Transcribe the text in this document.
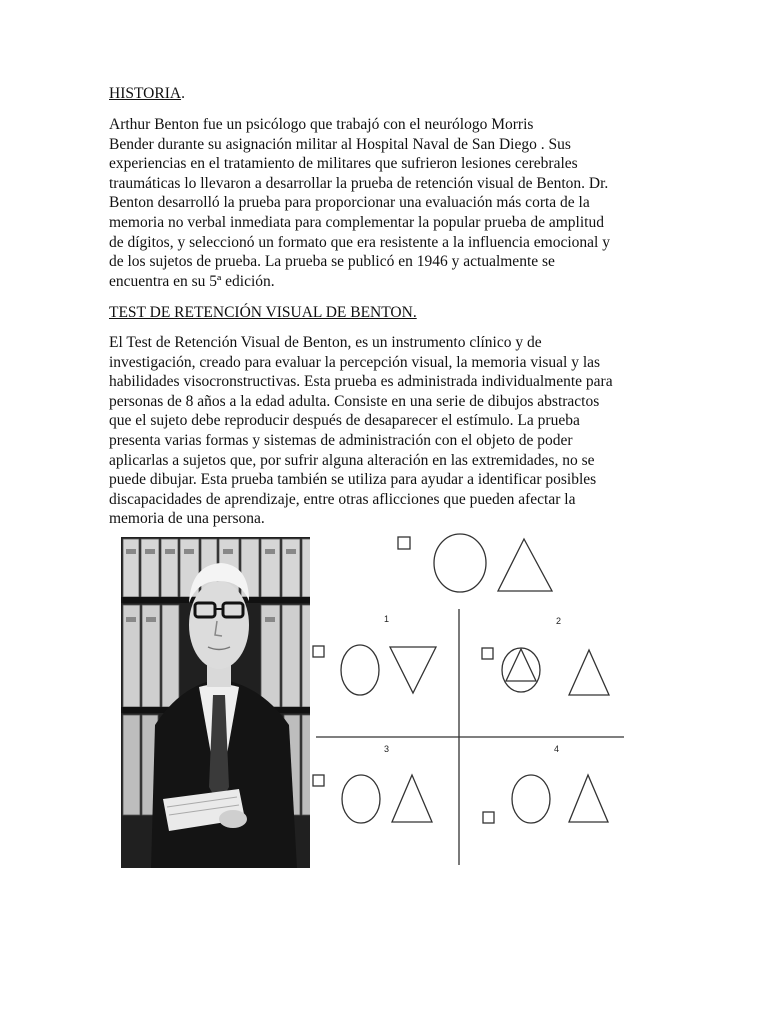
HISTORIA.
Arthur Benton fue un psicólogo que trabajó con el neurólogo Morris
Bender durante su asignación militar al Hospital Naval de San Diego . Sus
experiencias en el tratamiento de militares que sufrieron lesiones cerebrales
traumáticas lo llevaron a desarrollar la prueba de retención visual de Benton. Dr.
Benton desarrolló la prueba para proporcionar una evaluación más corta de la
memoria no verbal inmediata para complementar la popular prueba de amplitud
de dígitos, y seleccionó un formato que era resistente a la influencia emocional y
de los sujetos de prueba. La prueba se publicó en 1946 y actualmente se
encuentra en su 5ª edición.
TEST DE RETENCIÓN VISUAL DE BENTON.
El Test de Retención Visual de Benton, es un instrumento clínico y de
investigación, creado para evaluar la percepción visual, la memoria visual y las
habilidades visocronstructivas. Esta prueba es administrada individualmente para
personas de 8 años a la edad adulta. Consiste en una serie de dibujos abstractos
que el sujeto debe reproducir después de desaparecer el estímulo. La prueba
presenta varias formas y sistemas de administración con el objeto de poder
aplicarlas a sujetos que, por sufrir alguna alteración en las extremidades, no se
puede dibujar. Esta prueba también se utiliza para ayudar a identificar posibles
discapacidades de aprendizaje, entre otras aflicciones que pueden afectar la
memoria de una persona.
1	2
3	4
